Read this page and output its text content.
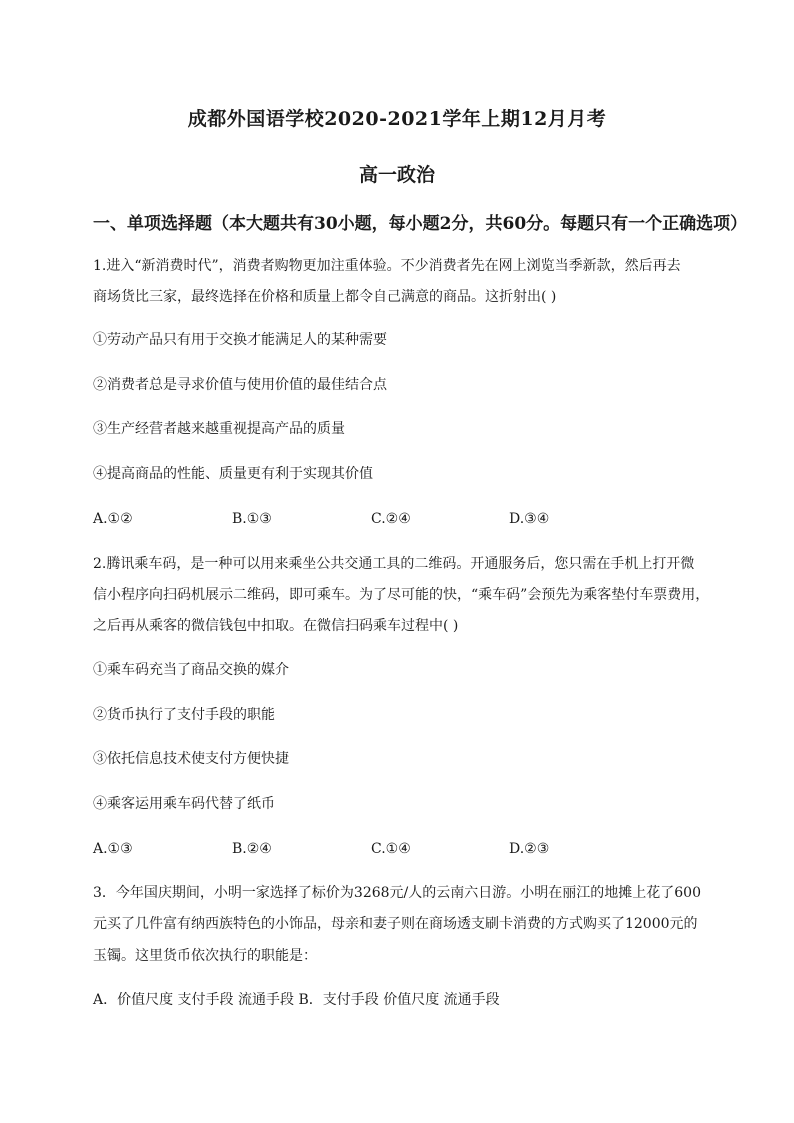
成都外国语学校2020-2021学年上期12月月考
高一政治
一、单项选择题（本大题共有30小题，每小题2分，共60分。每题只有一个正确选项）
1.进入“新消费时代”，消费者购物更加注重体验。不少消费者先在网上浏览当季新款，然后再去
商场货比三家，最终选择在价格和质量上都令自己满意的商品。这折射出( )
①劳动产品只有用于交换才能满足人的某种需要
②消费者总是寻求价值与使用价值的最佳结合点
③生产经营者越来越重视提高产品的质量
④提高商品的性能、质量更有利于实现其价值
A.①②	B.①③	C.②④	D.③④
2.腾讯乘车码，是一种可以用来乘坐公共交通工具的二维码。开通服务后，您只需在手机上打开微
信小程序向扫码机展示二维码，即可乘车。为了尽可能的快，“乘车码”会预先为乘客垫付车票费用，
之后再从乘客的微信钱包中扣取。在微信扫码乘车过程中( )
①乘车码充当了商品交换的媒介
②货币执行了支付手段的职能
③依托信息技术使支付方便快捷
④乘客运用乘车码代替了纸币
A.①③	B.②④	C.①④	D.②③
3．今年国庆期间，小明一家选择了标价为3268元/人的云南六日游。小明在丽江的地摊上花了600
元买了几件富有纳西族特色的小饰品，母亲和妻子则在商场透支刷卡消费的方式购买了12000元的
玉镯。这里货币依次执行的职能是：
A．价值尺度 支付手段 流通手段 B．支付手段 价值尺度 流通手段
